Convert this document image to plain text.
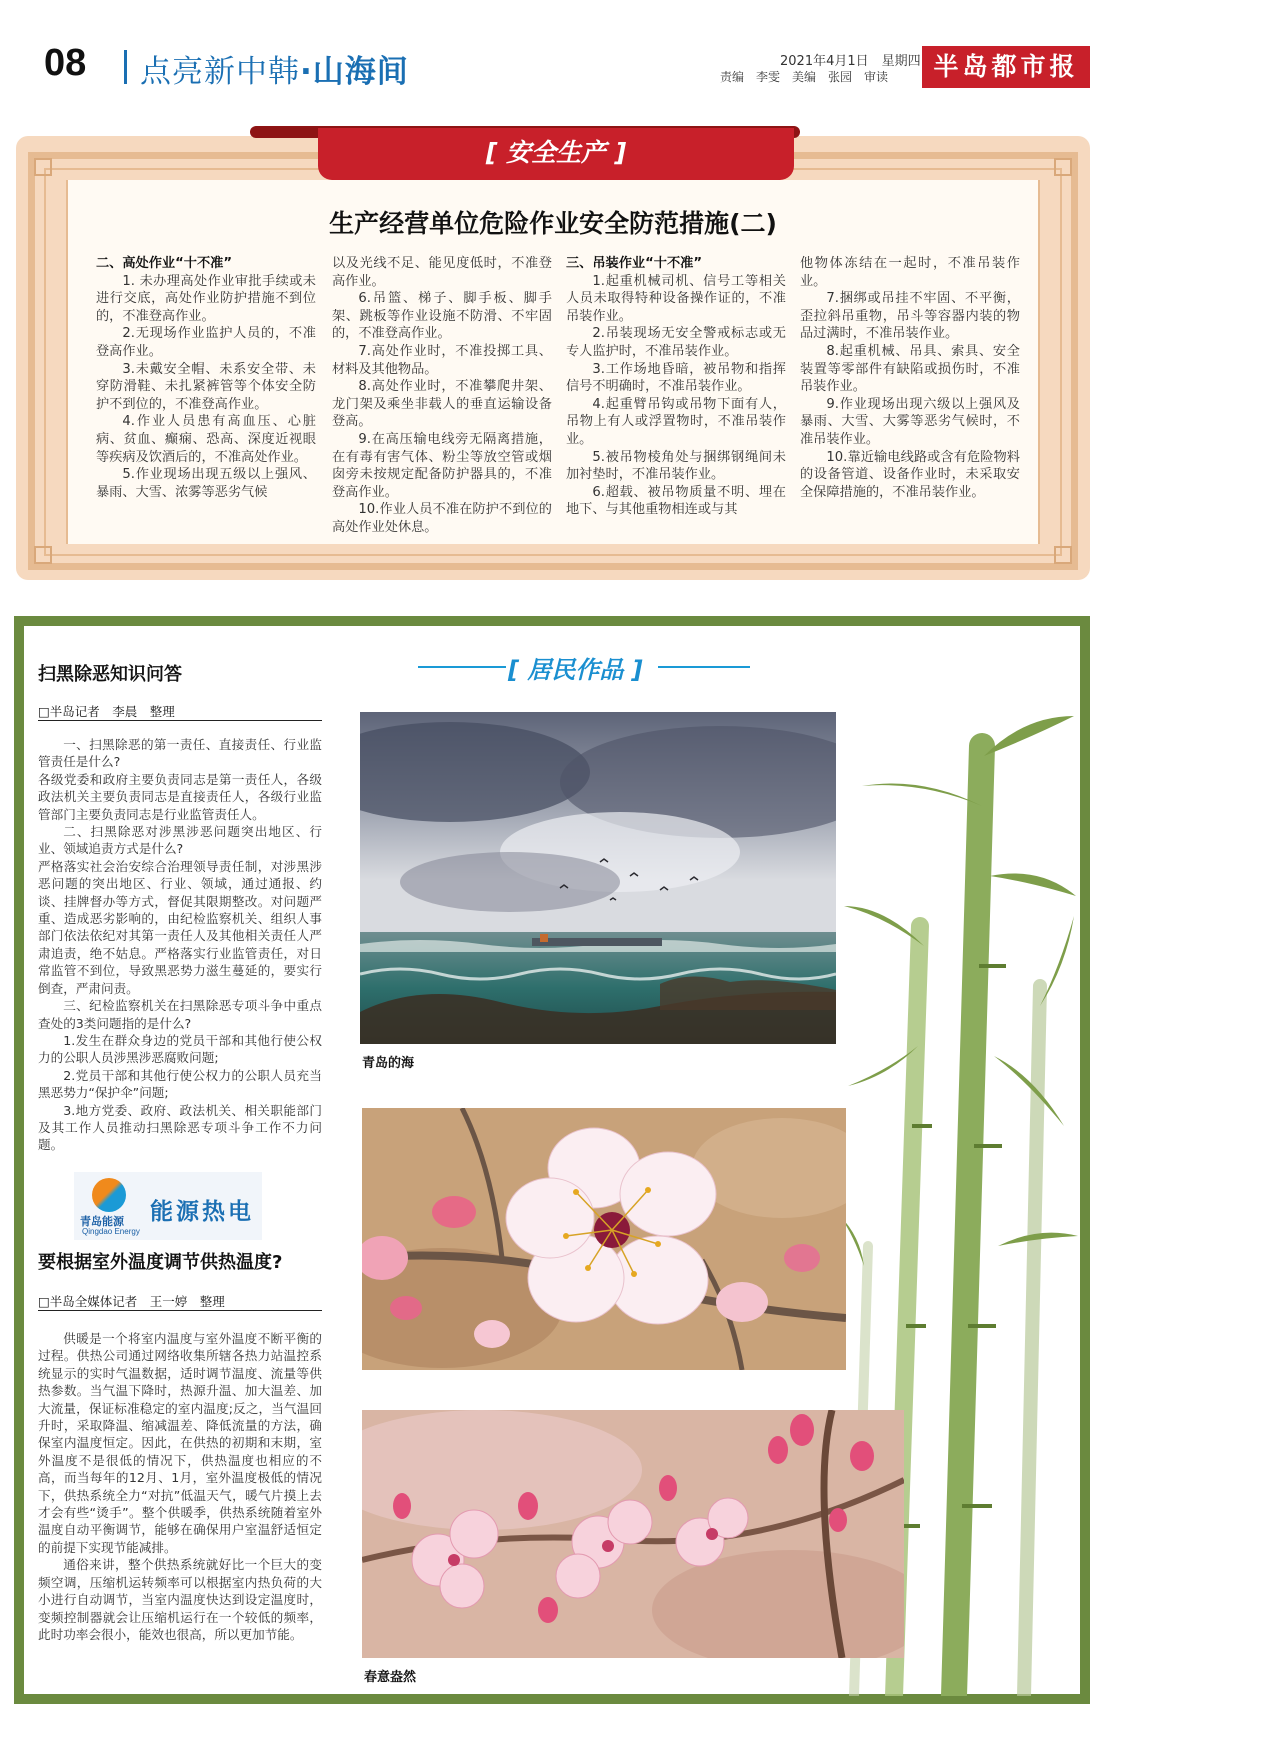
08 点亮新中韩·山海间	2021年4月1日　星期四
责编　李雯　美编　张园　审读	半岛都市报
[ 安全生产 ]
生产经营单位危险作业安全防范措施(二)
二、高处作业“十不准”

1. 未办理高处作业审批手续或未进行交底，高处作业防护措施不到位的，不准登高作业。

2.无现场作业监护人员的，不准登高作业。

3.未戴安全帽、未系安全带、未穿防滑鞋、未扎紧裤管等个体安全防护不到位的，不准登高作业。

4.作业人员患有高血压、心脏病、贫血、癫痫、恐高、深度近视眼等疾病及饮酒后的，不准高处作业。

5.作业现场出现五级以上强风、暴雨、大雪、浓雾等恶劣气候

以及光线不足、能见度低时，不准登高作业。

6.吊篮、梯子、脚手板、脚手架、跳板等作业设施不防滑、不牢固的，不准登高作业。

7.高处作业时，不准投掷工具、材料及其他物品。

8.高处作业时，不准攀爬井架、龙门架及乘坐非载人的垂直运输设备登高。

9.在高压输电线旁无隔离措施，在有毒有害气体、粉尘等放空管或烟囱旁未按规定配备防护器具的，不准登高作业。

10.作业人员不准在防护不到位的高处作业处休息。

三、吊装作业“十不准”

1.起重机械司机、信号工等相关人员未取得特种设备操作证的，不准吊装作业。

2.吊装现场无安全警戒标志或无专人监护时，不准吊装作业。

3.工作场地昏暗，被吊物和指挥信号不明确时，不准吊装作业。

4.起重臂吊钩或吊物下面有人，吊物上有人或浮置物时，不准吊装作业。

5.被吊物棱角处与捆绑钢绳间未加衬垫时，不准吊装作业。

6.超载、被吊物质量不明、埋在地下、与其他重物相连或与其

他物体冻结在一起时，不准吊装作业。

7.捆绑或吊挂不牢固、不平衡，歪拉斜吊重物，吊斗等容器内装的物品过满时，不准吊装作业。

8.起重机械、吊具、索具、安全装置等零部件有缺陷或损伤时，不准吊装作业。

9.作业现场出现六级以上强风及暴雨、大雪、大雾等恶劣气候时，不准吊装作业。

10.靠近输电线路或含有危险物料的设备管道、设备作业时，未采取安全保障措施的，不准吊装作业。

扫黑除恶知识问答
□半岛记者　李晨　整理

一、扫黑除恶的第一责任、直接责任、行业监管责任是什么?

各级党委和政府主要负责同志是第一责任人，各级政法机关主要负责同志是直接责任人，各级行业监管部门主要负责同志是行业监管责任人。

二、扫黑除恶对涉黑涉恶问题突出地区、行业、领域追责方式是什么?

严格落实社会治安综合治理领导责任制，对涉黑涉恶问题的突出地区、行业、领域，通过通报、约谈、挂牌督办等方式，督促其限期整改。对问题严重、造成恶劣影响的，由纪检监察机关、组织人事部门依法依纪对其第一责任人及其他相关责任人严肃追责，绝不姑息。严格落实行业监管责任，对日常监管不到位，导致黑恶势力滋生蔓延的，要实行倒查，严肃问责。

三、纪检监察机关在扫黑除恶专项斗争中重点查处的3类问题指的是什么?

1.发生在群众身边的党员干部和其他行使公权力的公职人员涉黑涉恶腐败问题;

2.党员干部和其他行使公权力的公职人员充当黑恶势力“保护伞”问题;

3.地方党委、政府、政法机关、相关职能部门及其工作人员推动扫黑除恶专项斗争工作不力问题。

青岛能源
Qingdao Energy
能源热电
要根据室外温度调节供热温度?
□半岛全媒体记者　王一婷　整理

供暖是一个将室内温度与室外温度不断平衡的过程。供热公司通过网络收集所辖各热力站温控系统显示的实时气温数据，适时调节温度、流量等供热参数。当气温下降时，热源升温、加大温差、加大流量，保证标准稳定的室内温度;反之，当气温回升时，采取降温、缩减温差、降低流量的方法，确保室内温度恒定。因此，在供热的初期和末期，室外温度不是很低的情况下，供热温度也相应的不高，而当每年的12月、1月，室外温度极低的情况下，供热系统全力“对抗”低温天气，暖气片摸上去才会有些“烫手”。整个供暖季，供热系统随着室外温度自动平衡调节，能够在确保用户室温舒适恒定的前提下实现节能减排。

通俗来讲，整个供热系统就好比一个巨大的变频空调，压缩机运转频率可以根据室内热负荷的大小进行自动调节，当室内温度快达到设定温度时，变频控制器就会让压缩机运行在一个较低的频率，此时功率会很小，能效也很高，所以更加节能。

[ 居民作品 ]
青岛的海
春意盎然
